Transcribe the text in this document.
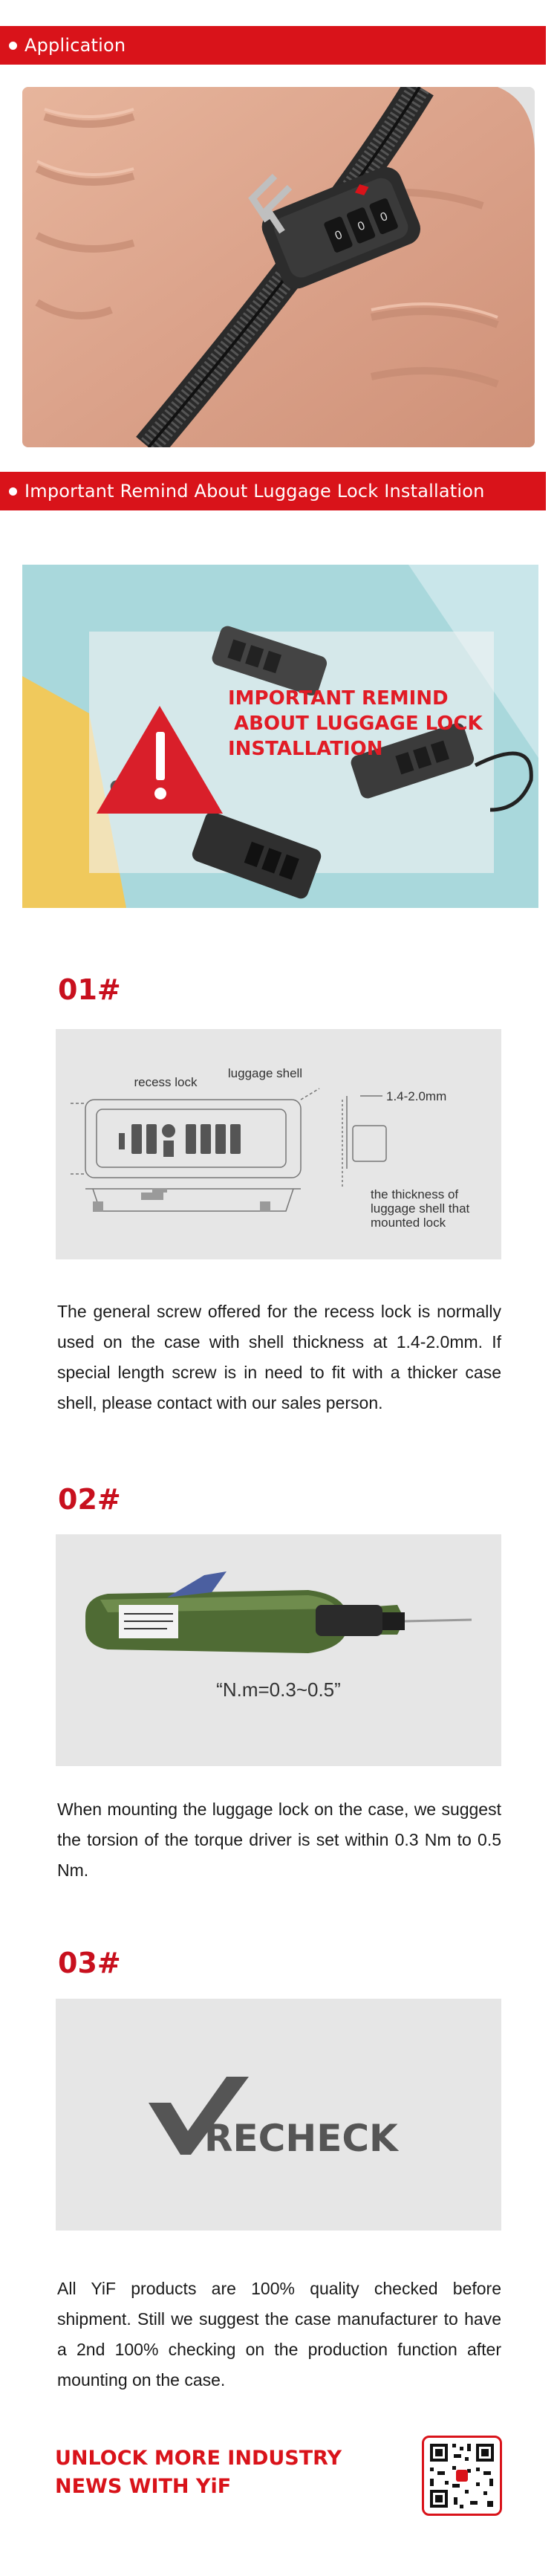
Application
0
0
0
Important Remind About Luggage Lock Installation
IMPORTANT REMIND
ABOUT LUGGAGE LOCK
INSTALLATION
01#
recess lock
luggage shell
1.4-2.0mm
the thickness of
luggage shell that
mounted lock
The general screw offered for the recess lock is normally used on the case with shell thickness at 1.4-2.0mm. If special length screw is in need to fit with a thicker case shell, please contact with our sales person.
02#
“N.m=0.3~0.5”
When mounting the luggage lock on the case, we suggest the torsion of the torque driver is set within 0.3 Nm to 0.5 Nm.
03#
RECHECK
All YiF products are 100% quality checked before shipment. Still we suggest the case manufacturer to have a 2nd 100% checking on the production function after mounting on the case.
UNLOCK MORE INDUSTRY
NEWS WITH YiF
